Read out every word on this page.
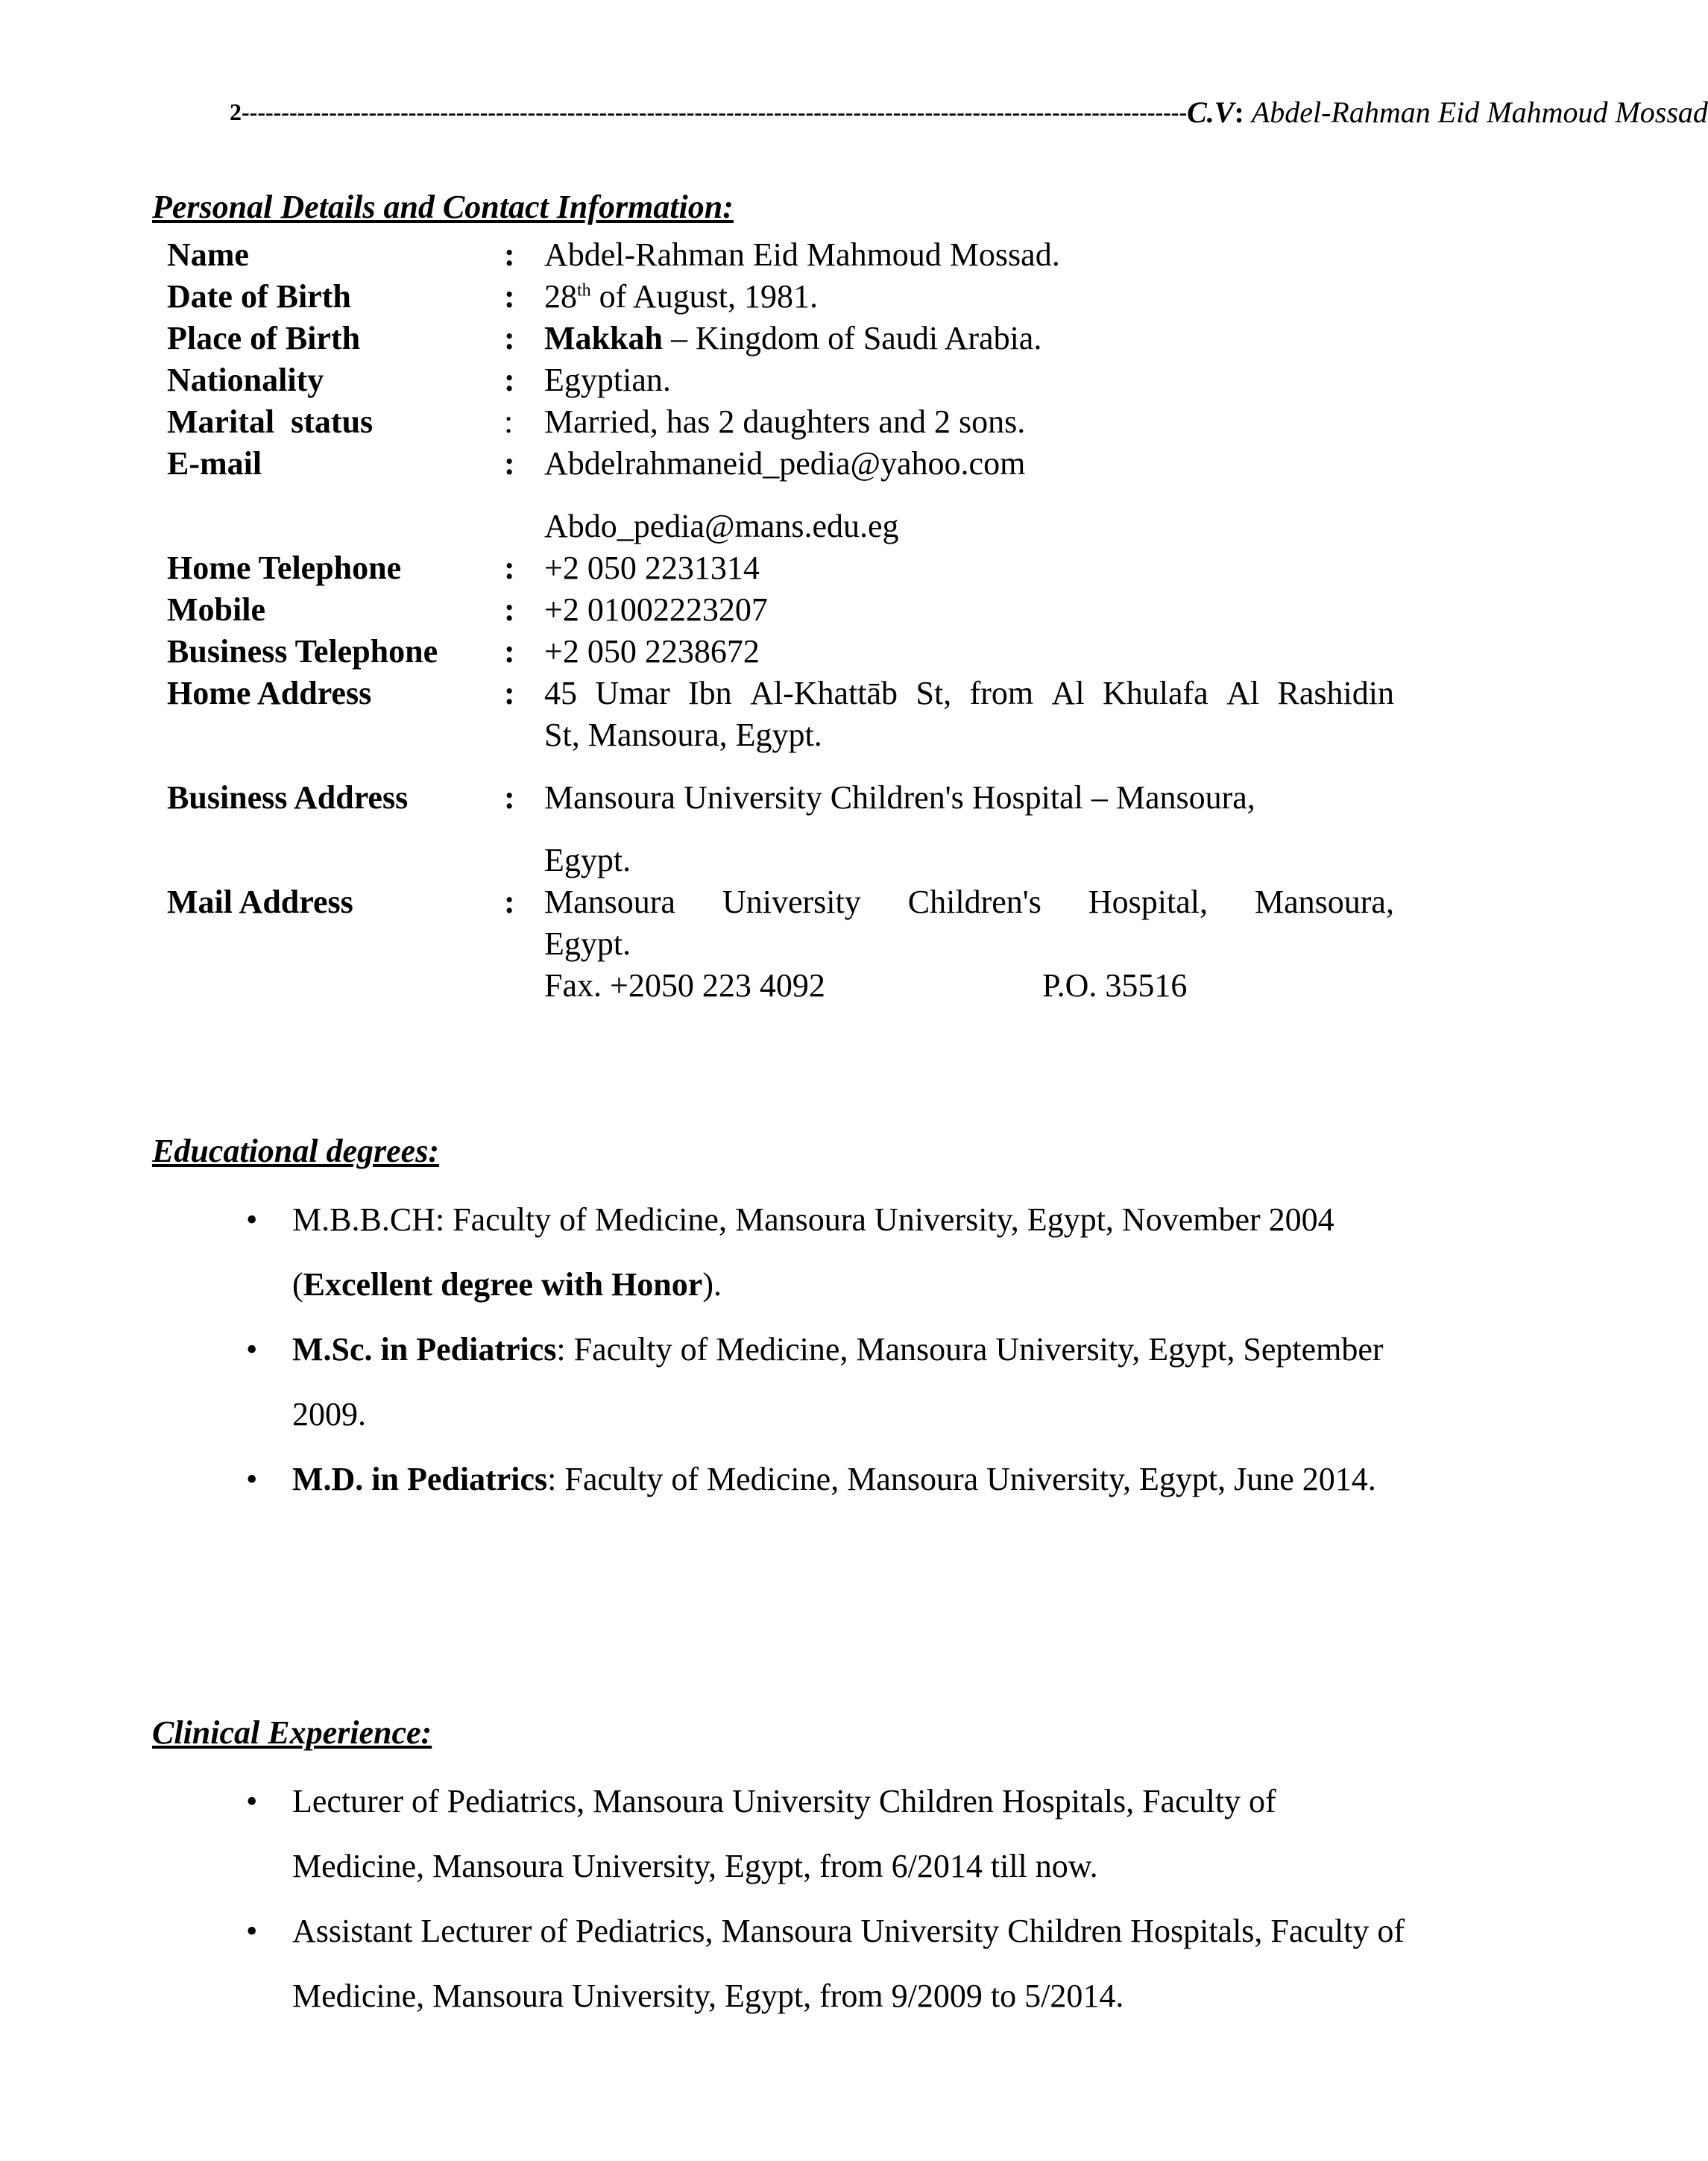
2 ----------------------------------------------------------------------------------------------------------------------- C.V : Abdel-Rahman Eid Mahmoud Mossad
Personal Details and Contact Information:
Name	: Abdel-Rahman Eid Mahmoud Mossad.
Date of Birth	: 28th of August, 1981.
Place of Birth	: Makkah – Kingdom of Saudi Arabia.
Nationality	: Egyptian.
Marital  status	: Married, has 2 daughters and 2 sons.
E-mail	: Abdelrahmaneid_pedia@yahoo.com
Abdo_pedia@mans.edu.eg
Home Telephone	: +2 050 2231314
Mobile	: +2 01002223207
Business Telephone : +2 050 2238672
Home Address	: 45 Umar Ibn Al-Khattāb St, from Al Khulafa Al Rashidin
St, Mansoura, Egypt.
Business Address	: Mansoura University Children's Hospital – Mansoura,
Egypt.
Mail Address	: Mansoura University Children's Hospital, Mansoura,
Egypt.
Fax. +2050 223 4092	P.O. 35516
Educational degrees:
• M.B.B.CH: Faculty of Medicine, Mansoura University, Egypt, November 2004 (Excellent degree with Honor).
• M.Sc. in Pediatrics: Faculty of Medicine, Mansoura University, Egypt, September 2009.
• M.D. in Pediatrics: Faculty of Medicine, Mansoura University, Egypt, June 2014.
Clinical Experience:
• Lecturer of Pediatrics, Mansoura University Children Hospitals, Faculty of Medicine, Mansoura University, Egypt, from 6/2014 till now.
• Assistant Lecturer of Pediatrics, Mansoura University Children Hospitals, Faculty of Medicine, Mansoura University, Egypt, from 9/2009 to 5/2014.
